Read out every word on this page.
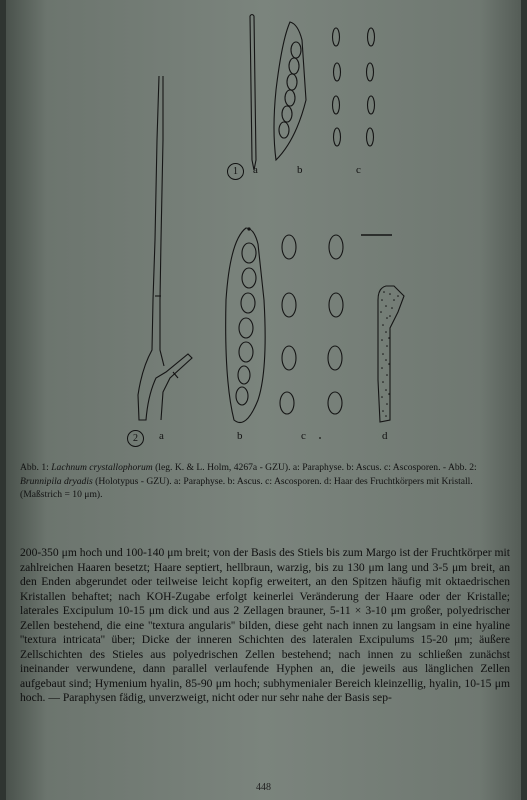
1	a	b	c
2	a	b	c	d

Abb. 1: Lachnum crystallophorum (leg. K. & L. Holm, 4267a - GZU). a: Paraphyse. b: Ascus. c: Ascosporen. - Abb. 2: Brunnipila dryadis (Holotypus - GZU). a: Paraphyse. b: Ascus. c: Ascosporen. d: Haar des Fruchtkörpers mit Kristall. (Maßstrich = 10 μm).

200-350 μm hoch und 100-140 μm breit; von der Basis des Stiels bis zum Margo ist der Fruchtkörper mit zahlreichen Haaren besetzt; Haare septiert, hellbraun, warzig, bis zu 130 μm lang und 3-5 μm breit, an den Enden abgerundet oder teilweise leicht kopfig erweitert, an den Spitzen häufig mit oktaedrischen Kristallen behaftet; nach KOH-Zugabe erfolgt keinerlei Veränderung der Haare oder der Kristalle; laterales Excipulum 10-15 μm dick und aus 2 Zellagen brauner, 5-11 × 3-10 μm großer, polyedrischer Zellen bestehend, die eine ''textura angularis'' bilden, diese geht nach innen zu langsam in eine hyaline ''textura intricata'' über; Dicke der inneren Schichten des lateralen Excipulums 15-20 μm; äußere Zellschichten des Stieles aus polyedrischen Zellen bestehend; nach innen zu schließen zunächst ineinander verwundene, dann parallel verlaufende Hyphen an, die jeweils aus länglichen Zellen aufgebaut sind; Hymenium hyalin, 85-90 μm hoch; subhymenialer Bereich kleinzellig, hyalin, 10-15 μm hoch. — Paraphysen fädig, unverzweigt, nicht oder nur sehr nahe der Basis sep-

448
